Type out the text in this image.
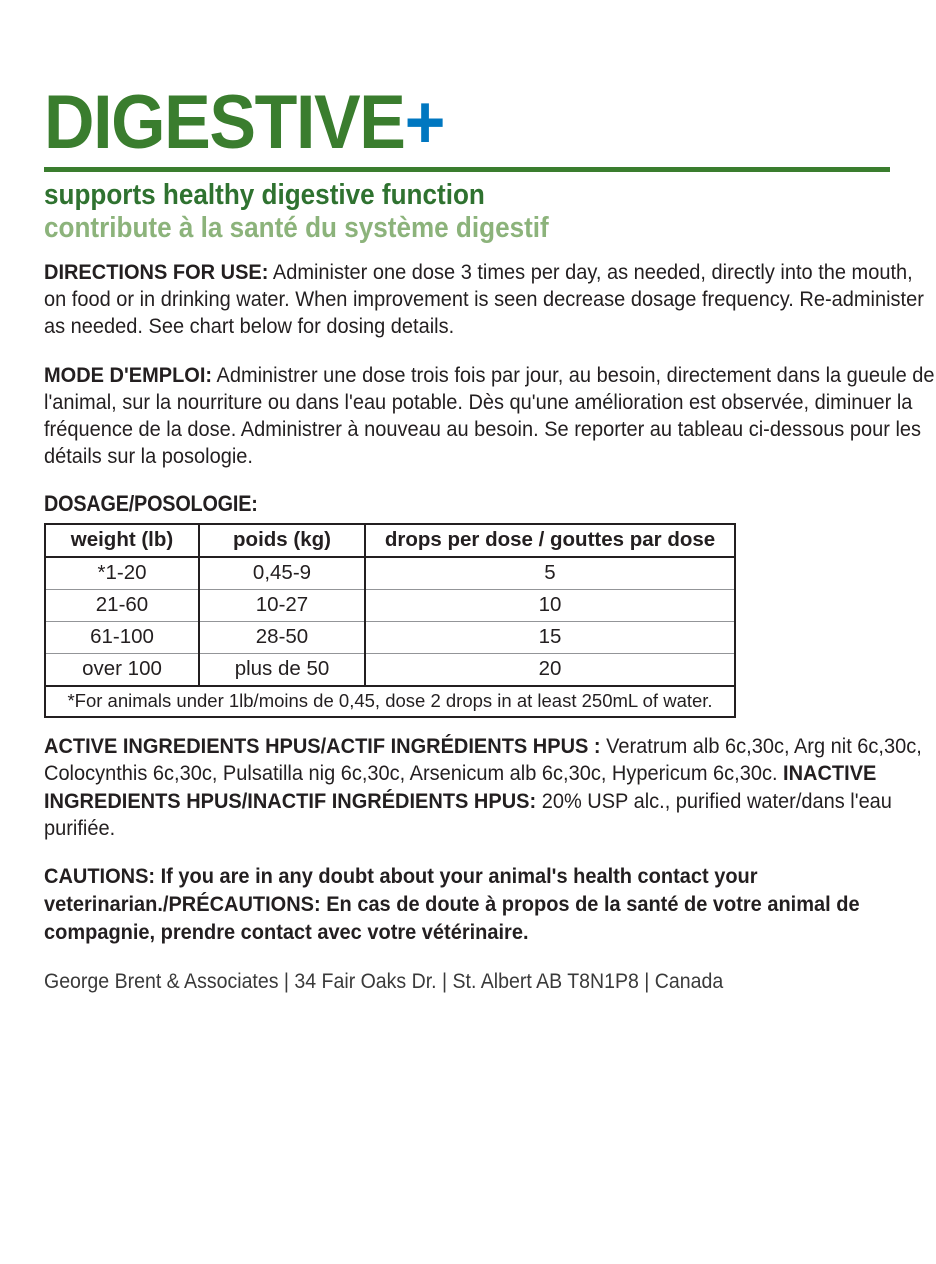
DIGESTIVE+

supports healthy digestive function

contribute à la santé du système digestif

DIRECTIONS FOR USE: Administer one dose 3 times per day, as needed, directly into the mouth, on food or in drinking water. When improvement is seen decrease dosage frequency. Re-administer as needed. See chart below for dosing details.

MODE D'EMPLOI: Administrer une dose trois fois par jour, au besoin, directement dans la gueule de l'animal, sur la nourriture ou dans l'eau potable. Dès qu'une amélioration est observée, diminuer la fréquence de la dose. Administrer à nouveau au besoin. Se reporter au tableau ci-dessous pour les détails sur la posologie.

DOSAGE/POSOLOGIE:
weight (lb)	poids (kg)	drops per dose / gouttes par dose
*1-20	0,45-9	5
21-60	10-27	10
61-100	28-50	15
over 100	plus de 50	20
*For animals under 1lb/moins de 0,45, dose 2 drops in at least 250mL of water.		

ACTIVE INGREDIENTS HPUS/ACTIF INGRÉDIENTS HPUS : Veratrum alb 6c,30c, Arg nit 6c,30c, Colocynthis 6c,30c, Pulsatilla nig 6c,30c, Arsenicum alb 6c,30c, Hypericum 6c,30c. INACTIVE INGREDIENTS HPUS/INACTIF INGRÉDIENTS HPUS: 20% USP alc., purified water/dans l'eau purifiée.

CAUTIONS: If you are in any doubt about your animal's health contact your veterinarian./PRÉCAUTIONS: En cas de doute à propos de la santé de votre animal de compagnie, prendre contact avec votre vétérinaire.

George Brent & Associates | 34 Fair Oaks Dr. | St. Albert AB T8N1P8 | Canada
